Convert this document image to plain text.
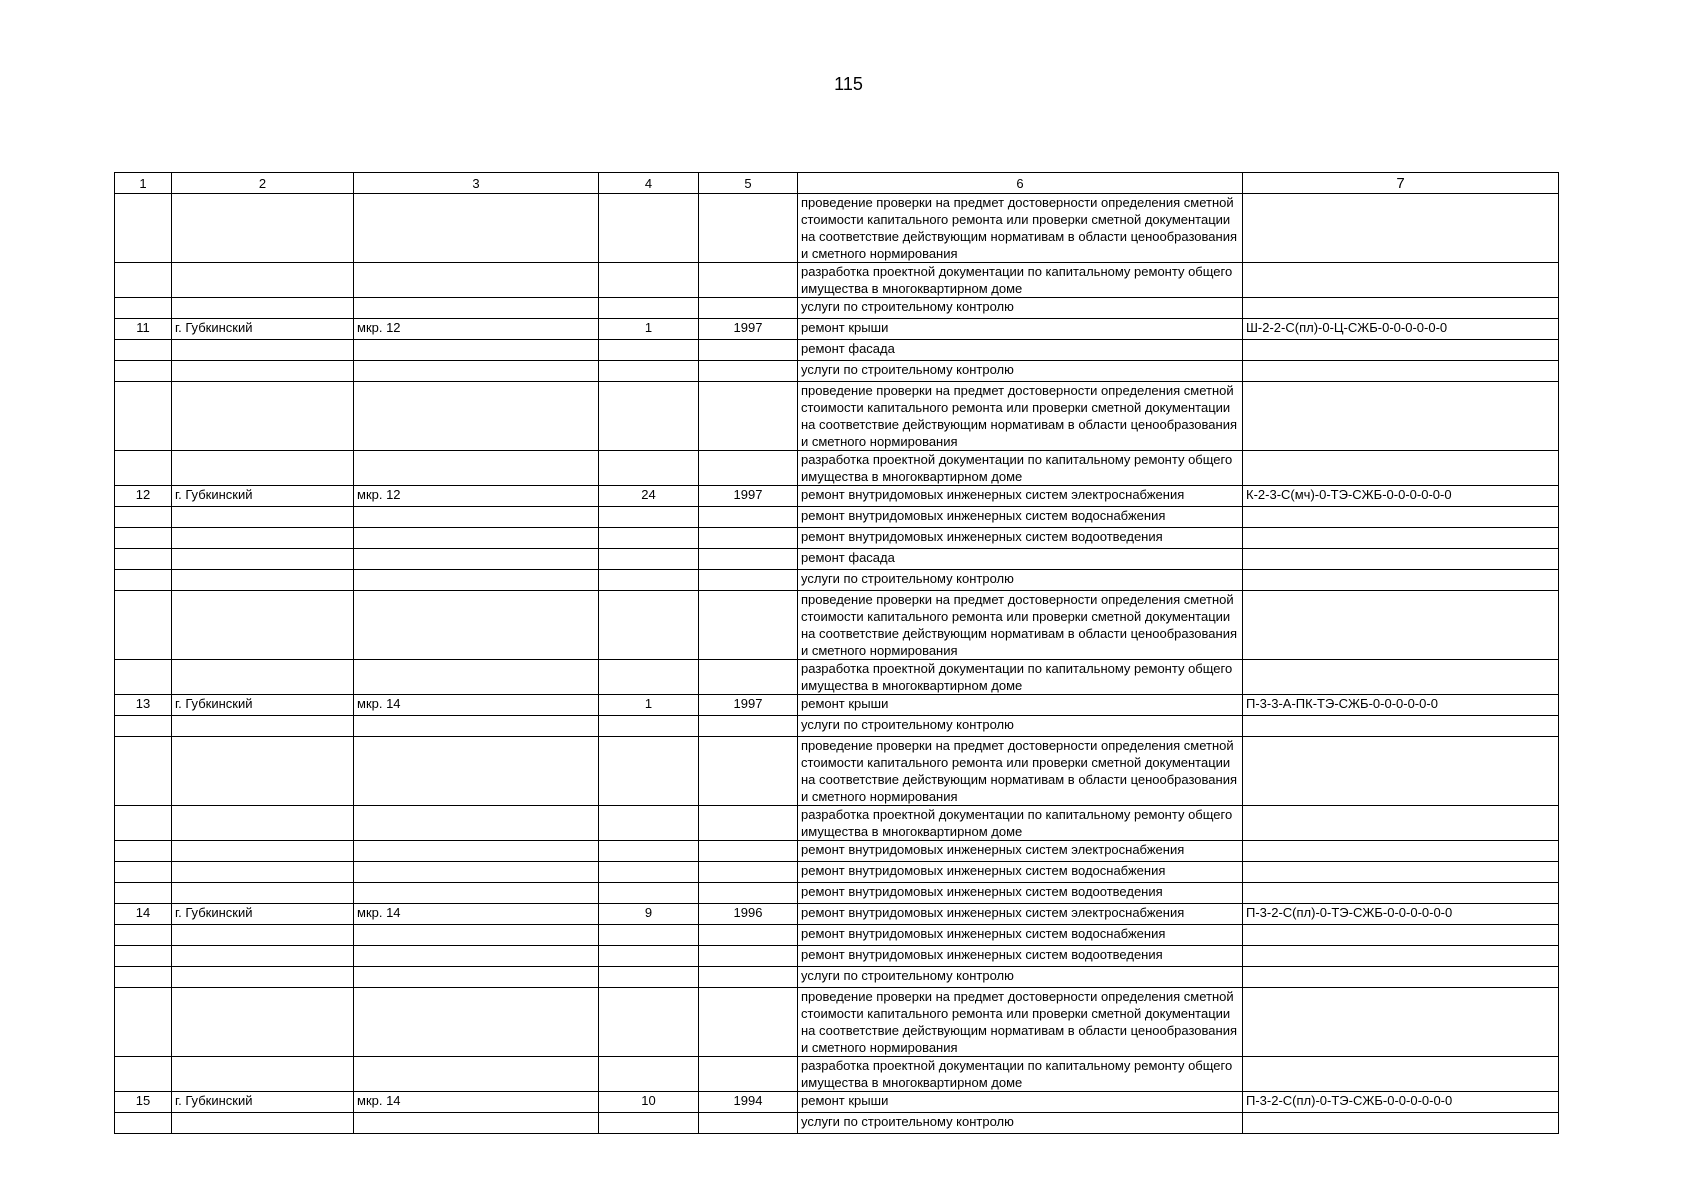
115
1	2	3	4	5	6	7
					проведение проверки на предмет достоверности определения сметной стоимости капитального ремонта или проверки сметной документации на соответствие действующим нормативам в области ценообразования и сметного нормирования	
					разработка проектной документации по капитальному ремонту общего имущества в многоквартирном доме	
					услуги по строительному контролю	
11	г. Губкинский	мкр. 12	1	1997	ремонт крыши	Ш-2-2-С(пл)-0-Ц-СЖБ-0-0-0-0-0-0
					ремонт фасада	
					услуги по строительному контролю	
					проведение проверки на предмет достоверности определения сметной стоимости капитального ремонта или проверки сметной документации на соответствие действующим нормативам в области ценообразования и сметного нормирования	
					разработка проектной документации по капитальному ремонту общего имущества в многоквартирном доме	
12	г. Губкинский	мкр. 12	24	1997	ремонт внутридомовых инженерных систем электроснабжения	К-2-3-С(мч)-0-ТЭ-СЖБ-0-0-0-0-0-0
					ремонт внутридомовых инженерных систем водоснабжения	
					ремонт внутридомовых инженерных систем водоотведения	
					ремонт фасада	
					услуги по строительному контролю	
					проведение проверки на предмет достоверности определения сметной стоимости капитального ремонта или проверки сметной документации на соответствие действующим нормативам в области ценообразования и сметного нормирования	
					разработка проектной документации по капитальному ремонту общего имущества в многоквартирном доме	
13	г. Губкинский	мкр. 14	1	1997	ремонт крыши	П-3-3-А-ПК-ТЭ-СЖБ-0-0-0-0-0-0
					услуги по строительному контролю	
					проведение проверки на предмет достоверности определения сметной стоимости капитального ремонта или проверки сметной документации на соответствие действующим нормативам в области ценообразования и сметного нормирования	
					разработка проектной документации по капитальному ремонту общего имущества в многоквартирном доме	
					ремонт внутридомовых инженерных систем электроснабжения	
					ремонт внутридомовых инженерных систем водоснабжения	
					ремонт внутридомовых инженерных систем водоотведения	
14	г. Губкинский	мкр. 14	9	1996	ремонт внутридомовых инженерных систем электроснабжения	П-3-2-С(пл)-0-ТЭ-СЖБ-0-0-0-0-0-0
					ремонт внутридомовых инженерных систем водоснабжения	
					ремонт внутридомовых инженерных систем водоотведения	
					услуги по строительному контролю	
					проведение проверки на предмет достоверности определения сметной стоимости капитального ремонта или проверки сметной документации на соответствие действующим нормативам в области ценообразования и сметного нормирования	
					разработка проектной документации по капитальному ремонту общего имущества в многоквартирном доме	
15	г. Губкинский	мкр. 14	10	1994	ремонт крыши	П-3-2-С(пл)-0-ТЭ-СЖБ-0-0-0-0-0-0
					услуги по строительному контролю	
